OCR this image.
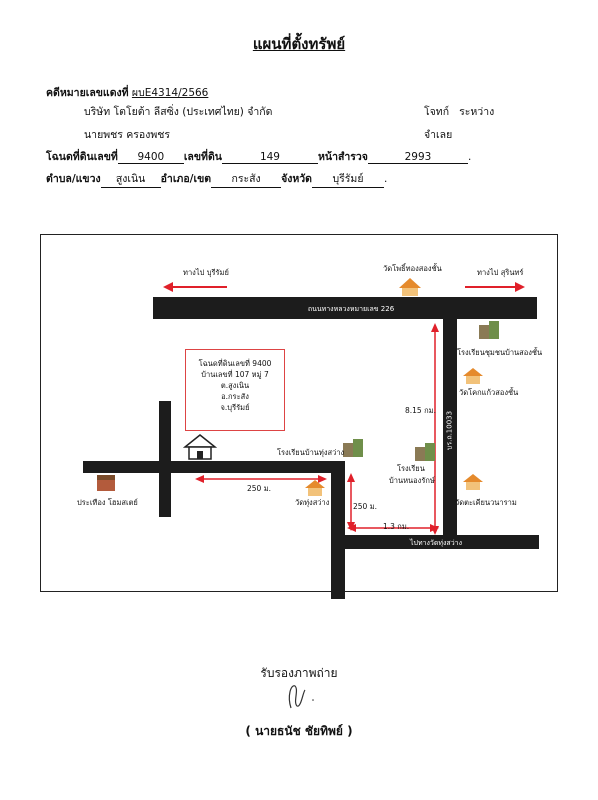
แผนที่ตั้งทรัพย์
คดีหมายเลขแดงที่ ผบE4314/2566
บริษัท โตโยต้า ลีสซิ่ง (ประเทศไทย) จำกัด	โจทก์ ระหว่าง
นายพชร ครองพชร	จำเลย
โฉนดที่ดินเลขที่ 9400 เลขที่ดิน	149	หน้าสำรวจ	2993	.
ตำบล/แขวง สูงเนิน อำเภอ/เขต กระสัง จังหวัด บุรีรัมย์ .
ถนนทางหลวงหมายเลข 226
บร.ถ.10033
ไปทางวัดทุ่งสว่าง
ทางไป บุรีรัมย์	ทางไป สุรินทร์
8.15 กม.
1.3 กม.
250 ม.
250 ม.
วัดโพธิ์ทองสองชั้น
โรงเรียนชุมชนบ้านสองชั้น
วัดโคกแก้วสองชั้น
โรงเรียน
บ้านหนองรักษ์
วัดตะเคียนวนาราม
โรงเรียนบ้านทุ่งสว่าง
วัดทุ่งสว่าง
โฉนดที่ดินเลขที่ 9400
บ้านเลขที่ 107 หมู่ 7
ต.สูงเนิน
อ.กระสัง
จ.บุรีรัมย์
ประเทือง โฮมสเตย์
รับรองภาพถ่าย
( นายธนัช ชัยทิพย์ )
